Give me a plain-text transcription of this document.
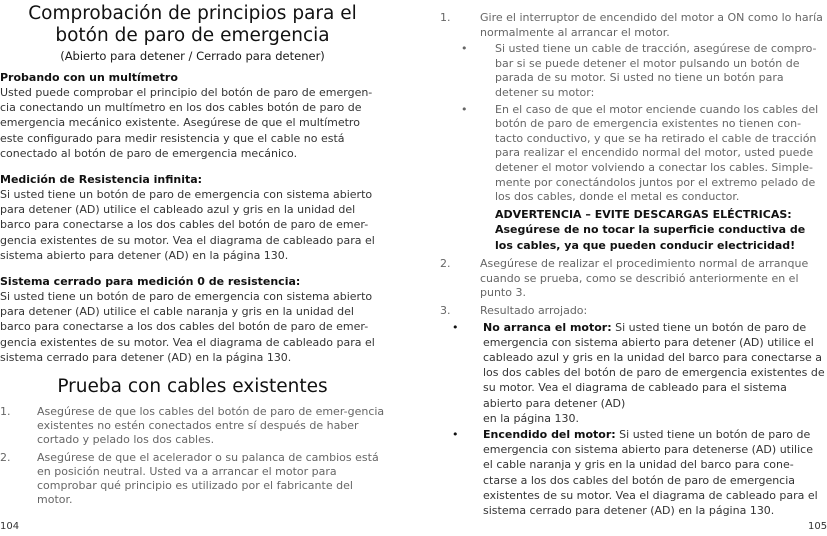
Comprobación de principios para el
botón de paro de emergencia
(Abierto para detener / Cerrado para detener)
Probando con un multímetro
Usted puede comprobar el principio del botón de paro de emergen-cia conectando un multímetro en los dos cables botón de paro de emergencia mecánico existente. Asegúrese de que el multímetro este configurado para medir resistencia y que el cable no está conectado al botón de paro de emergencia mecánico.
Medición de Resistencia infinita:
Si usted tiene un botón de paro de emergencia con sistema abierto para detener (AD) utilice el cableado azul y gris en la unidad del barco para conectarse a los dos cables del botón de paro de emer-gencia existentes de su motor. Vea el diagrama de cableado para el sistema abierto para detener (AD) en la página 130.
Sistema cerrado para medición 0 de resistencia:
Si usted tiene un botón de paro de emergencia con sistema abierto para detener (AD) utilice el cable naranja y gris en la unidad del barco para conectarse a los dos cables del botón de paro de emer-gencia existentes de su motor. Vea el diagrama de cableado para el sistema cerrado para detener (AD) en la página 130.
Prueba con cables existentes
1. Asegúrese de que los cables del botón de paro de emer-gencia existentes no estén conectados entre sí después de haber cortado y pelado los dos cables.
2. Asegúrese de que el acelerador o su palanca de cambios está en posición neutral. Usted va a arrancar el motor para comprobar qué principio es utilizado por el fabricante del motor.
104
1.	Gire el interruptor de encendido del motor a ON como lo haría normalmente al arrancar el motor.
•	Si usted tiene un cable de tracción, asegúrese de compro-bar si se puede detener el motor pulsando un botón de parada de su motor. Si usted no tiene un botón para detener su motor:
•	En el caso de que el motor enciende cuando los cables del botón de paro de emergencia existentes no tienen con-tacto conductivo, y que se ha retirado el cable de tracción para realizar el encendido normal del motor, usted puede detener el motor volviendo a conectar los cables. Simple-mente por conectándolos juntos por el extremo pelado de los dos cables, donde el metal es conductor.
ADVERTENCIA – EVITE DESCARGAS ELÉCTRICAS: Asegúrese de no tocar la superficie conductiva de los cables, ya que pueden conducir electricidad!
2.	Asegúrese de realizar el procedimiento normal de arranque cuando se prueba, como se describió anteriormente en el punto 3.
3.	Resultado arrojado:
• No arranca el motor: Si usted tiene un botón de paro de emergencia con sistema abierto para detener (AD) utilice el cableado azul y gris en la unidad del barco para conectarse a los dos cables del botón de paro de emergencia existentes de su motor. Vea el diagrama de cableado para el sistema abierto para detener (AD)
en la página 130.
• Encendido del motor: Si usted tiene un botón de paro de emergencia con sistema abierto para detenerse (AD) utilice el cable naranja y gris en la unidad del barco para cone-ctarse a los dos cables del botón de paro de emergencia existentes de su motor. Vea el diagrama de cableado para el sistema cerrado para detener (AD) en la página 130.
105
